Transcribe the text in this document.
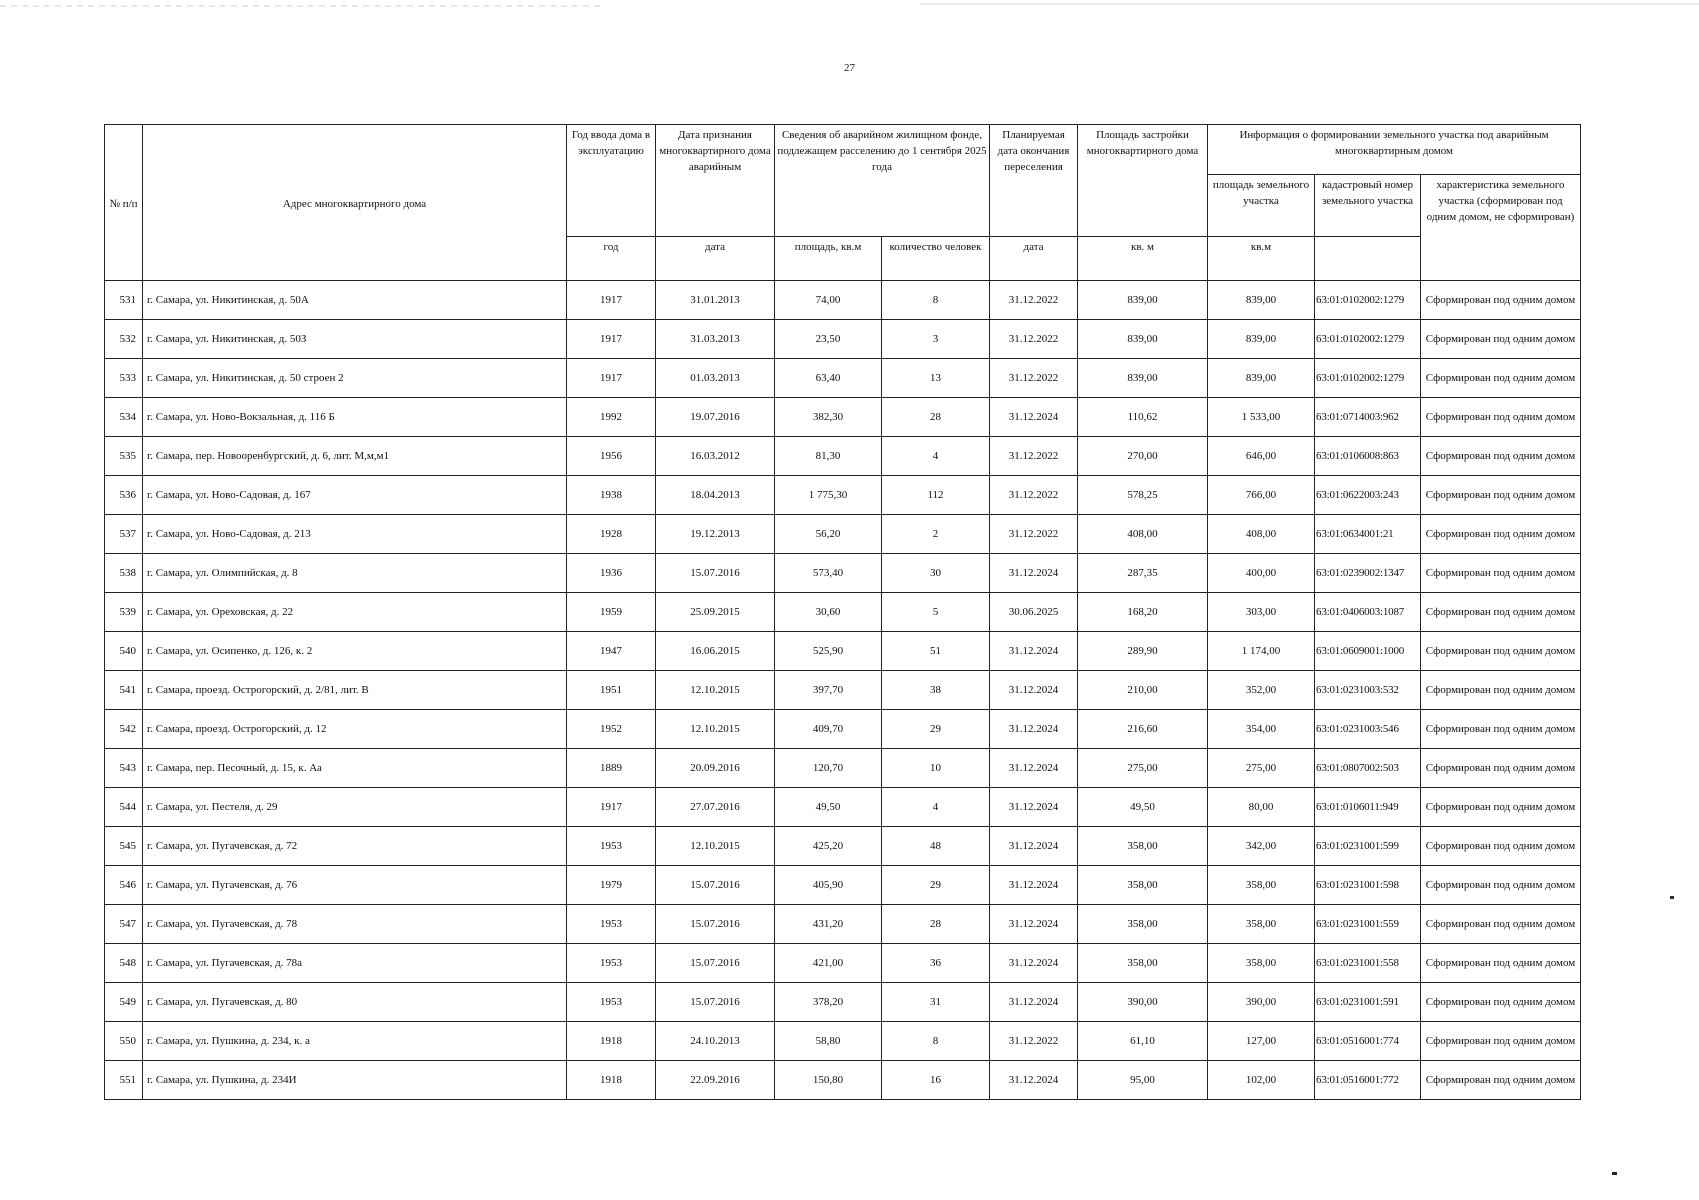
27
№ п/п	Адрес многоквартирного дома	Год ввода дома в эксплуатацию	Дата признания многоквартирного дома аварийным	Сведения об аварийном жилищном фонде, подлежащем расселению до 1 сентября 2025 года		Планируемая дата окончания переселения	Площадь застройки многоквартирного дома	Информация о формировании земельного участка под аварийным многоквартирным домом		
								площадь земельного участка	кадастровый номер земельного участка	характеристика земельного участка (сформирован под одним домом, не сформирован)
		год	дата	площадь, кв.м	количество человек	дата	кв. м	кв.м		
531	г. Самара, ул. Никитинская, д. 50А	1917	31.01.2013	74,00	8	31.12.2022	839,00	839,00	63:01:0102002:1279	Сформирован под одним домом
532	г. Самара, ул. Никитинская, д. 50З	1917	31.03.2013	23,50	3	31.12.2022	839,00	839,00	63:01:0102002:1279	Сформирован под одним домом
533	г. Самара, ул. Никитинская, д. 50 строен 2	1917	01.03.2013	63,40	13	31.12.2022	839,00	839,00	63:01:0102002:1279	Сформирован под одним домом
534	г. Самара, ул. Ново-Вокзальная, д. 116 Б	1992	19.07.2016	382,30	28	31.12.2024	110,62	1 533,00	63:01:0714003:962	Сформирован под одним домом
535	г. Самара, пер. Новооренбургский, д. 6, лит. М,м,м1	1956	16.03.2012	81,30	4	31.12.2022	270,00	646,00	63:01:0106008:863	Сформирован под одним домом
536	г. Самара, ул. Ново-Садовая, д. 167	1938	18.04.2013	1 775,30	112	31.12.2022	578,25	766,00	63:01:0622003:243	Сформирован под одним домом
537	г. Самара, ул. Ново-Садовая, д. 213	1928	19.12.2013	56,20	2	31.12.2022	408,00	408,00	63:01:0634001:21	Сформирован под одним домом
538	г. Самара, ул. Олимпийская, д. 8	1936	15.07.2016	573,40	30	31.12.2024	287,35	400,00	63:01:0239002:1347	Сформирован под одним домом
539	г. Самара, ул. Ореховская, д. 22	1959	25.09.2015	30,60	5	30.06.2025	168,20	303,00	63:01:0406003:1087	Сформирован под одним домом
540	г. Самара, ул. Осипенко, д. 126, к. 2	1947	16.06.2015	525,90	51	31.12.2024	289,90	1 174,00	63:01:0609001:1000	Сформирован под одним домом
541	г. Самара, проезд. Острогорский, д. 2/81, лит. В	1951	12.10.2015	397,70	38	31.12.2024	210,00	352,00	63:01:0231003:532	Сформирован под одним домом
542	г. Самара, проезд. Острогорский, д. 12	1952	12.10.2015	409,70	29	31.12.2024	216,60	354,00	63:01:0231003:546	Сформирован под одним домом
543	г. Самара, пер. Песочный, д. 15, к. Аа	1889	20.09.2016	120,70	10	31.12.2024	275,00	275,00	63:01:0807002:503	Сформирован под одним домом
544	г. Самара, ул. Пестеля, д. 29	1917	27.07.2016	49,50	4	31.12.2024	49,50	80,00	63:01:0106011:949	Сформирован под одним домом
545	г. Самара, ул. Пугачевская, д. 72	1953	12.10.2015	425,20	48	31.12.2024	358,00	342,00	63:01:0231001:599	Сформирован под одним домом
546	г. Самара, ул. Пугачевская, д. 76	1979	15.07.2016	405,90	29	31.12.2024	358,00	358,00	63:01:0231001:598	Сформирован под одним домом
547	г. Самара, ул. Пугачевская, д. 78	1953	15.07.2016	431,20	28	31.12.2024	358,00	358,00	63:01:0231001:559	Сформирован под одним домом
548	г. Самара, ул. Пугачевская, д. 78а	1953	15.07.2016	421,00	36	31.12.2024	358,00	358,00	63:01:0231001:558	Сформирован под одним домом
549	г. Самара, ул. Пугачевская, д. 80	1953	15.07.2016	378,20	31	31.12.2024	390,00	390,00	63:01:0231001:591	Сформирован под одним домом
550	г. Самара, ул. Пушкина, д. 234, к. а	1918	24.10.2013	58,80	8	31.12.2022	61,10	127,00	63:01:0516001:774	Сформирован под одним домом
551	г. Самара, ул. Пушкина, д. 234И	1918	22.09.2016	150,80	16	31.12.2024	95,00	102,00	63:01:0516001:772	Сформирован под одним домом
